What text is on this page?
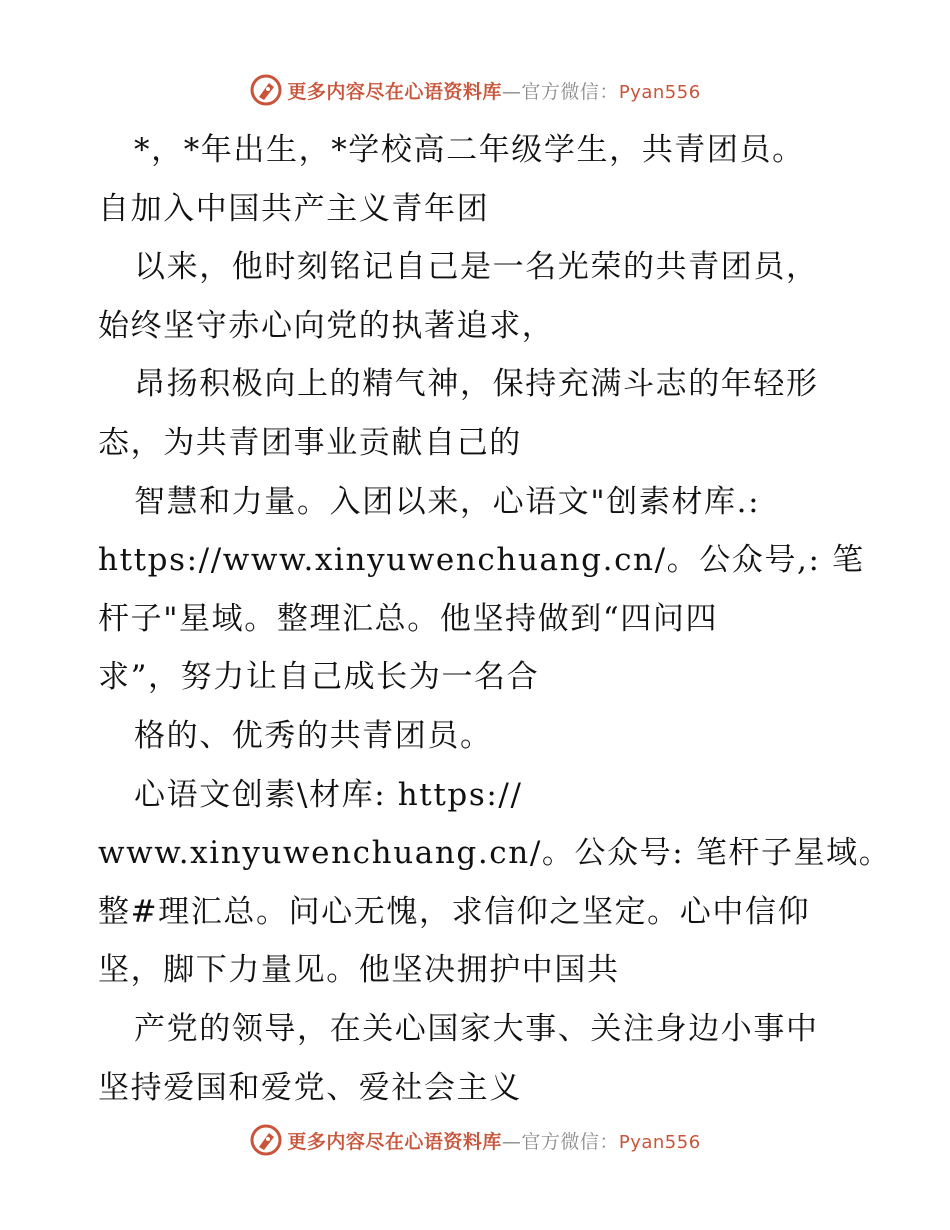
更多内容尽在心语资料库—官方微信：Pyan556
*，*年出生，*学校高二年级学生，共青团员。
自加入中国共产主义青年团
以来，他时刻铭记自己是一名光荣的共青团员，
始终坚守赤心向党的执著追求，
昂扬积极向上的精气神，保持充满斗志的年轻形
态，为共青团事业贡献自己的
智慧和力量。入团以来，心语文"创素材库.:
https://www.xinyuwenchuang.cn/。公众号,: 笔
杆子"星域。整理汇总。他坚持做到“四问四
求”，努力让自己成长为一名合
格的、优秀的共青团员。
心语文创素\材库: https://
www.xinyuwenchuang.cn/。公众号: 笔杆子星域。
整#理汇总。问心无愧，求信仰之坚定。心中信仰
坚，脚下力量见。他坚决拥护中国共
产党的领导，在关心国家大事、关注身边小事中
坚持爱国和爱党、爱社会主义
更多内容尽在心语资料库—官方微信：Pyan556
